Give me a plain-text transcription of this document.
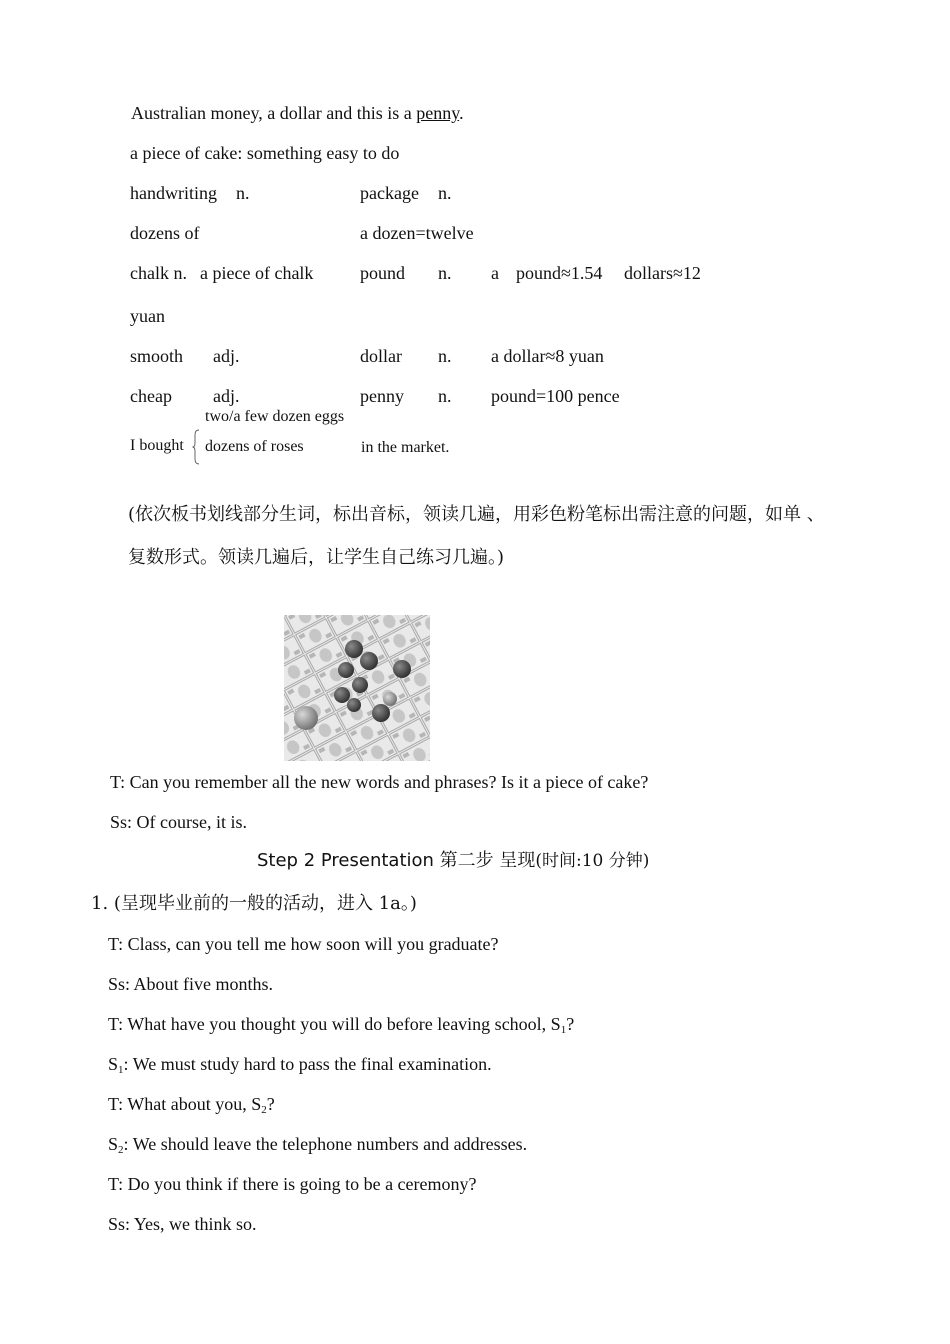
Australian money, a dollar and this is a penny.
a piece of cake: something easy to do
handwriting n.	package n.
dozens of	a dozen=twelve
chalk n. a piece of chalk	pound n. a pound≈1.54 dollars≈12
yuan
smooth adj.	dollar n. a dollar≈8 yuan
cheap adj.	penny n. pound=100 pence
two/a few dozen eggs
I bought dozens of roses	in the market.
(依次板书划线部分生词，标出音标，领读几遍，用彩色粉笔标出需注意的问题，如单 、
复数形式。领读几遍后，让学生自己练习几遍。)
T: Can you remember all the new words and phrases? Is it a piece of cake?
Ss: Of course, it is.
Step 2 Presentation 第二步 呈现(时间:10 分钟)
1. (呈现毕业前的一般的活动，进入 1a。)
T: Class, can you tell me how soon will you graduate?
Ss: About five months.
T: What have you thought you will do before leaving school, $S_1$?
$S_1$: We must study hard to pass the final examination.
T: What about you, $S_2$?
$S_2$: We should leave the telephone numbers and addresses.
T: Do you think if there is going to be a ceremony?
Ss: Yes, we think so.
